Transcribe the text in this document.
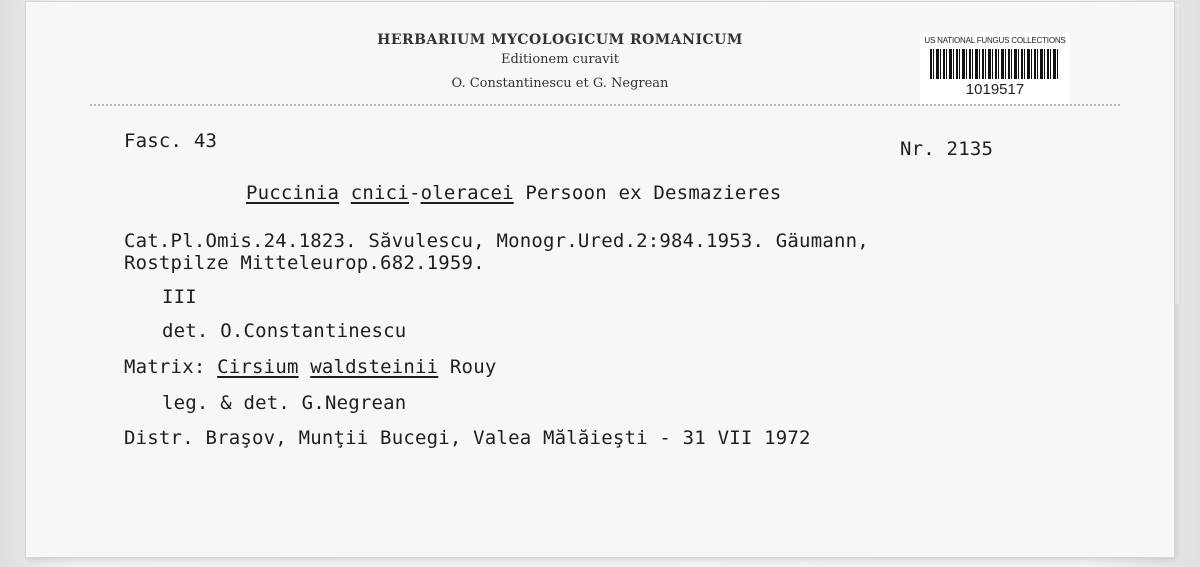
HERBARIUM MYCOLOGICUM ROMANICUM
Editionem curavit
O. Constantinescu et G. Negrean
US NATIONAL FUNGUS COLLECTIONS
1019517
Fasc. 43	Nr. 2135
Puccinia cnici-oleracei Persoon ex Desmazieres
Cat.Pl.Omis.24.1823. Săvulescu, Monogr.Ured.2:984.1953. Gäumann,
Rostpilze Mitteleurop.682.1959.
III
det. O.Constantinescu
Matrix: Cirsium waldsteinii Rouy
leg. & det. G.Negrean
Distr. Braşov, Munţii Bucegi, Valea Mălăieşti - 31 VII 1972
